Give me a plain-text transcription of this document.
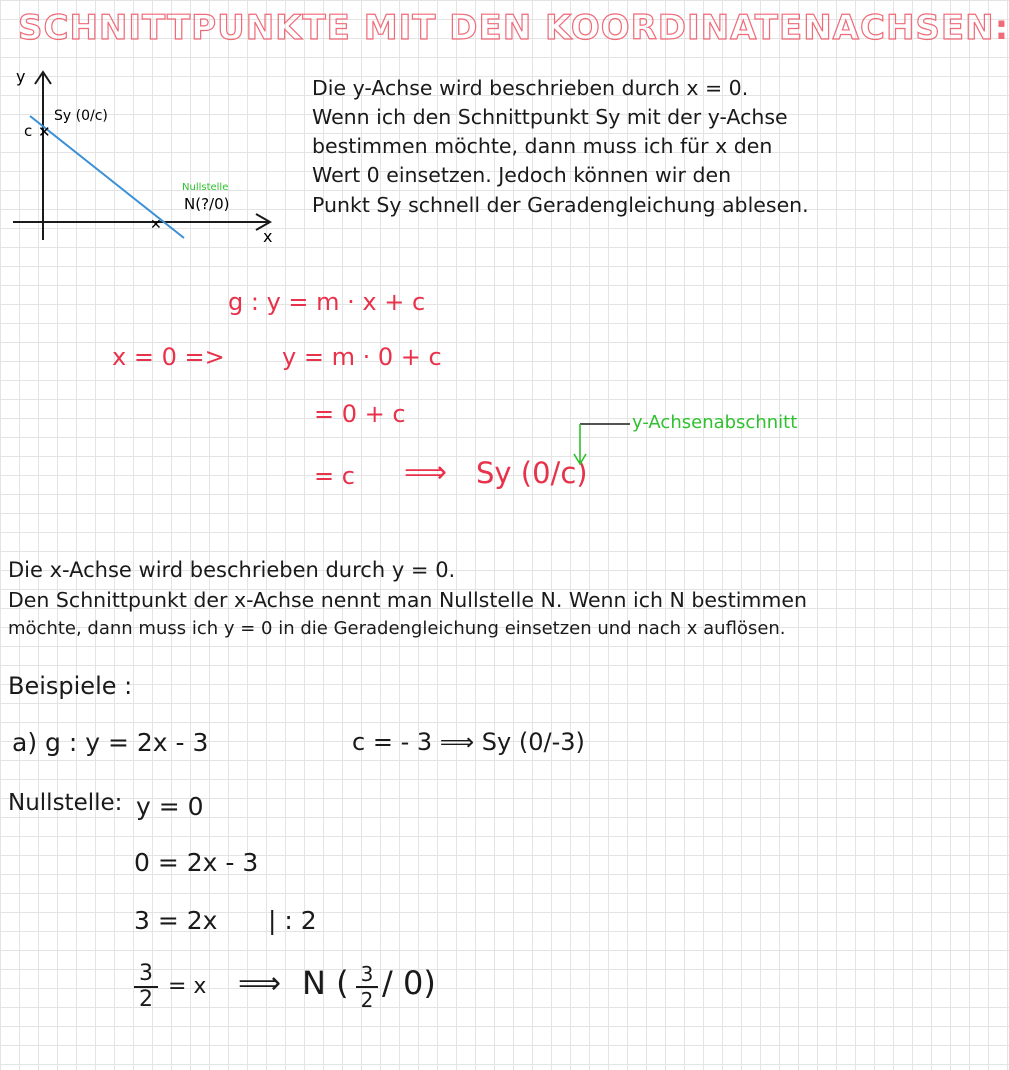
SCHNITTPUNKTE MIT DEN KOORDINATENACHSEN:
✕
✕
y
x
c
Sy (0/c)
Nullstelle
N(?/0)
Die y-Achse wird beschrieben durch x = 0.
Wenn ich den Schnittpunkt Sy mit der y-Achse
bestimmen möchte, dann muss ich für x den
Wert 0 einsetzen. Jedoch können wir den
Punkt Sy schnell der Geradengleichung ablesen.
g : y = m · x + c
x = 0 => y = m · 0 + c
= 0 + c
= c ⟹ Sy (0/c)
y-Achsenabschnitt
Die x-Achse wird beschrieben durch y = 0.
Den Schnittpunkt der x-Achse nennt man Nullstelle N. Wenn ich N bestimmen
möchte, dann muss ich y = 0 in die Geradengleichung einsetzen und nach x auflösen.
Beispiele :
a) g : y = 2x - 3	c = - 3 ⟹ Sy (0/-3)
Nullstelle: y = 0
0 = 2x - 3
3 = 2x | : 2
$\frac{3}{2} = x$ ⟹ N ( $\frac{3}{2} / 0$)
